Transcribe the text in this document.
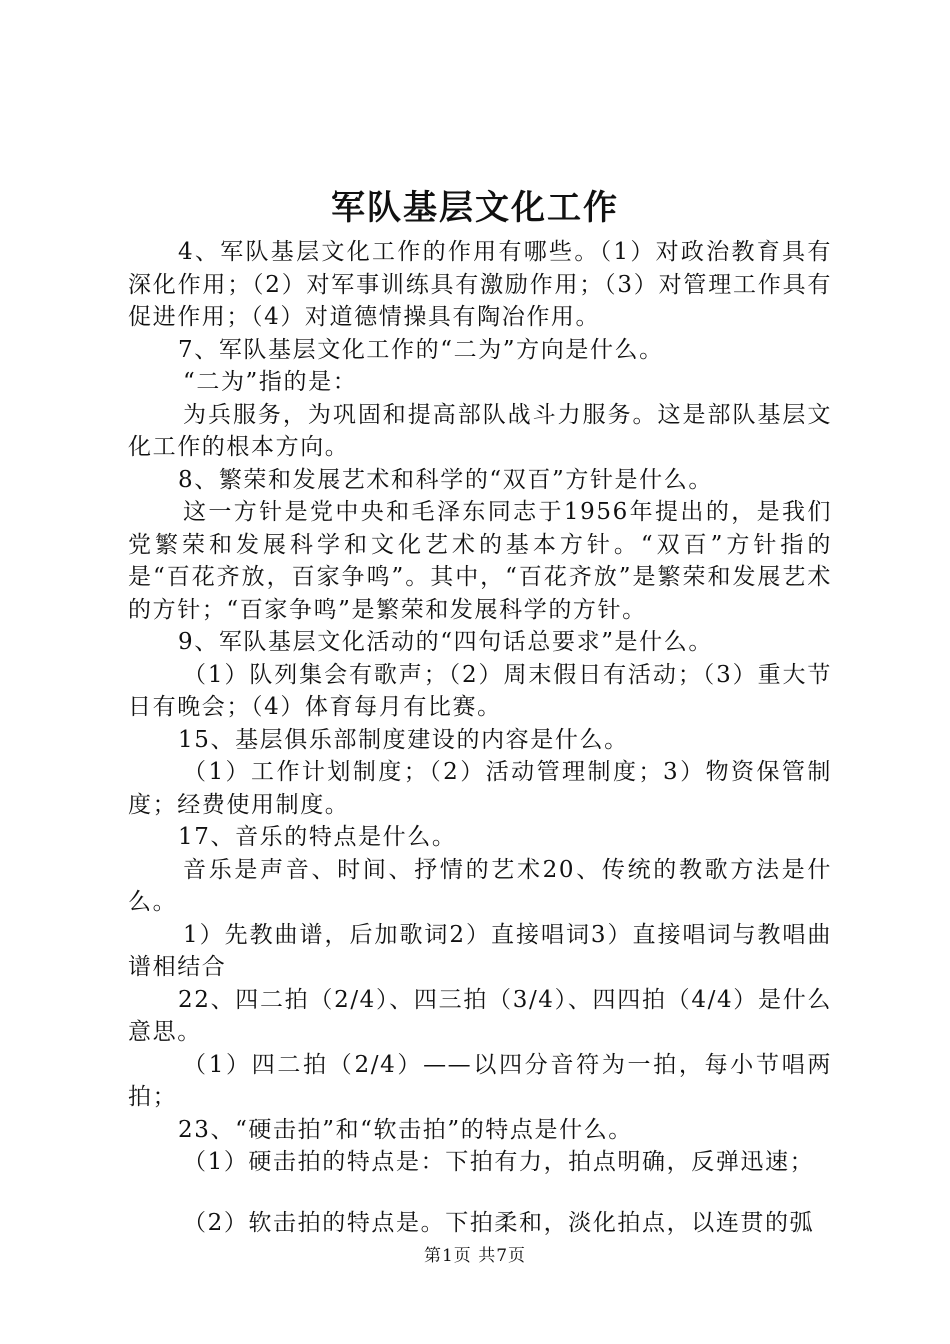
军队基层文化工作

4、军队基层文化工作的作用有哪些。（1）对政治教育具有深化作用；（2）对军事训练具有激励作用；（3）对管理工作具有促进作用；（4）对道德情操具有陶冶作用。

7、军队基层文化工作的“二为”方向是什么。

“二为”指的是：

为兵服务，为巩固和提高部队战斗力服务。这是部队基层文化工作的根本方向。

8、繁荣和发展艺术和科学的“双百”方针是什么。

这一方针是党中央和毛泽东同志于1956年提出的，是我们党繁荣和发展科学和文化艺术的基本方针。“双百”方针指的是“百花齐放，百家争鸣”。其中，“百花齐放”是繁荣和发展艺术的方针；“百家争鸣”是繁荣和发展科学的方针。

9、军队基层文化活动的“四句话总要求”是什么。

（1）队列集会有歌声；（2）周末假日有活动；（3）重大节日有晚会；（4）体育每月有比赛。

15、基层俱乐部制度建设的内容是什么。

（1）工作计划制度；（2）活动管理制度；3）物资保管制度；经费使用制度。

17、音乐的特点是什么。

音乐是声音、时间、抒情的艺术20、传统的教歌方法是什么。

1）先教曲谱，后加歌词2）直接唱词3）直接唱词与教唱曲谱相结合

22、四二拍（2/4）、四三拍（3/4）、四四拍（4/4）是什么意思。

（1）四二拍（2/4）——以四分音符为一拍，每小节唱两拍；

23、“硬击拍”和“软击拍”的特点是什么。

（1）硬击拍的特点是：下拍有力，拍点明确，反弹迅速；

（2）软击拍的特点是。下拍柔和，淡化拍点，以连贯的弧

第1页 共7页
